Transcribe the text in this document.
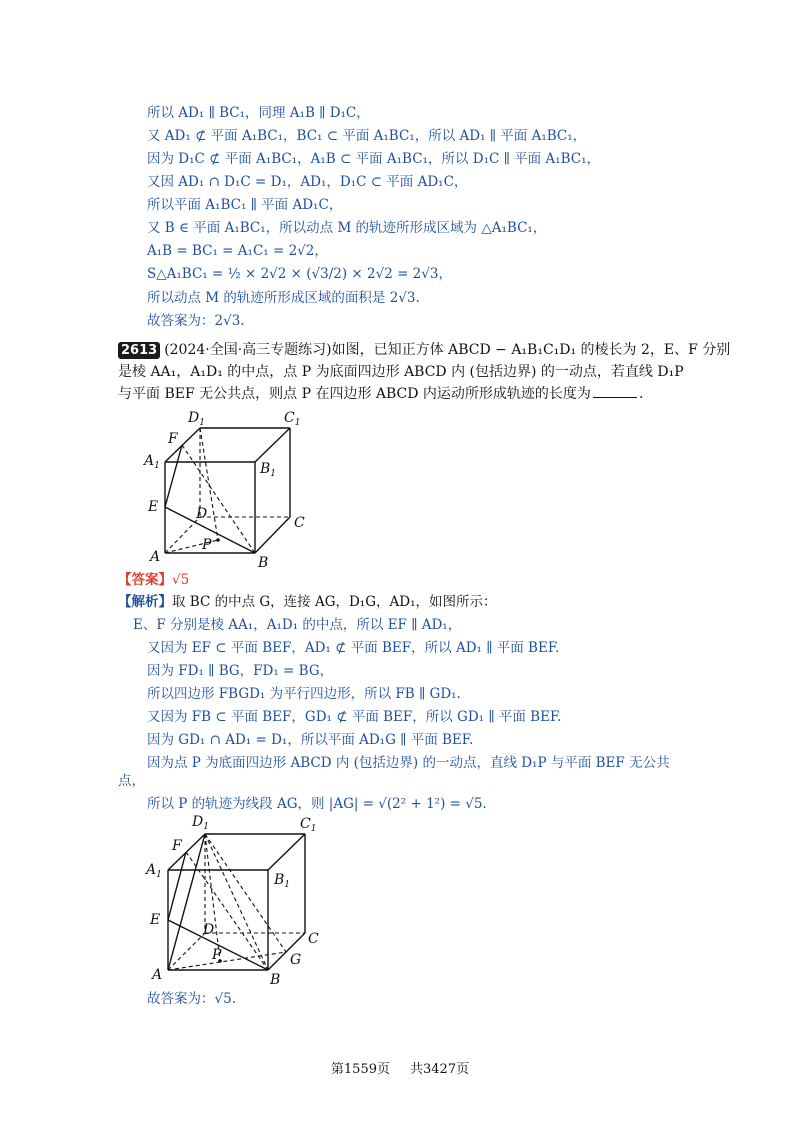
所以 AD₁ ∥ BC₁，同理 A₁B ∥ D₁C，
又 AD₁ ⊄ 平面 A₁BC₁，BC₁ ⊂ 平面 A₁BC₁，所以 AD₁ ∥ 平面 A₁BC₁，
因为 D₁C ⊄ 平面 A₁BC₁，A₁B ⊂ 平面 A₁BC₁，所以 D₁C ∥ 平面 A₁BC₁，
又因 AD₁ ∩ D₁C = D₁，AD₁，D₁C ⊂ 平面 AD₁C，
所以平面 A₁BC₁ ∥ 平面 AD₁C，
又 B ∈ 平面 A₁BC₁，所以动点 M 的轨迹所形成区域为 △A₁BC₁，
A₁B = BC₁ = A₁C₁ = 2√2，
S△A₁BC₁ = ½ × 2√2 × (√3/2) × 2√2 = 2√3，
所以动点 M 的轨迹所形成区域的面积是 2√3.
故答案为：2√3.
2613 (2024·全国·高三专题练习)如图，已知正方体 ABCD − A₁B₁C₁D₁ 的棱长为 2，E、F 分别
是棱 AA₁，A₁D₁ 的中点，点 P 为底面四边形 ABCD 内 (包括边界) 的一动点，若直线 D₁P
与平面 BEF 无公共点，则点 P 在四边形 ABCD 内运动所形成轨迹的长度为	.
$D_1$	$C_1$
$A_1$	$B_1$
F
E	D
C
A	B
P
【答案】√5
【解析】取 BC 的中点 G，连接 AG，D₁G，AD₁，如图所示：
E、F 分别是棱 AA₁，A₁D₁ 的中点，所以 EF ∥ AD₁，
又因为 EF ⊂ 平面 BEF，AD₁ ⊄ 平面 BEF，所以 AD₁ ∥ 平面 BEF.
因为 FD₁ ∥ BG，FD₁ = BG，
所以四边形 FBGD₁ 为平行四边形，所以 FB ∥ GD₁.
又因为 FB ⊂ 平面 BEF，GD₁ ⊄ 平面 BEF，所以 GD₁ ∥ 平面 BEF.
因为 GD₁ ∩ AD₁ = D₁，所以平面 AD₁G ∥ 平面 BEF.
因为点 P 为底面四边形 ABCD 内 (包括边界) 的一动点，直线 D₁P 与平面 BEF 无公共
点，
所以 P 的轨迹为线段 AG，则 |AG| = √(2² + 1²) = √5.
$D_1$	$C_1$
$A_1$	$B_1$
F
E
D
C
A	B
P	G
故答案为：√5.
第1559页 共3427页
